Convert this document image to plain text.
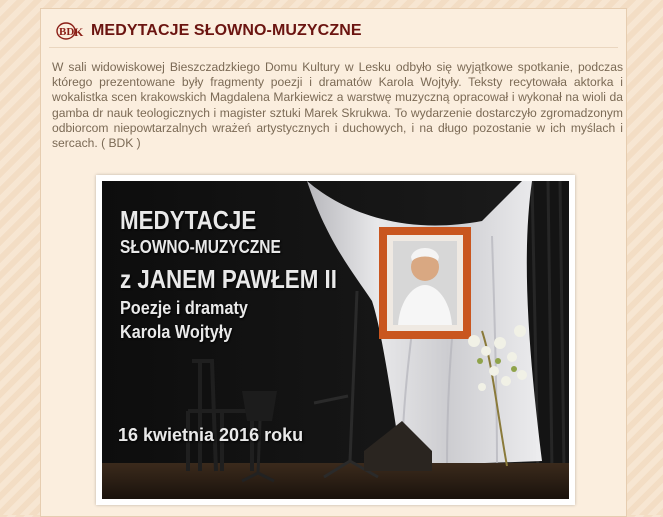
BD K MEDYTACJE SŁOWNO-MUZYCZNE
W sali widowiskowej Bieszczadzkiego Domu Kultury w Lesku odbyło się wyjątkowe spotkanie, podczas którego prezentowane były fragmenty poezji i dramatów Karola Wojtyły. Teksty recytowała aktorka i wokalistka scen krakowskich Magdalena Markiewicz a warstwę muzyczną opracował i wykonał na wioli da gamba dr nauk teologicznych i magister sztuki Marek Skrukwa. To wydarzenie dostarczyło zgromadzonym odbiorcom niepowtarzalnych wrażeń artystycznych i duchowych, i na długo pozostanie w ich myślach i sercach. ( BDK )
MEDYTACJE
SŁOWNO-MUZYCZNE
z JANEM PAWŁEM II
Poezje i dramaty
Karola Wojtyły
16 kwietnia 2016 roku
